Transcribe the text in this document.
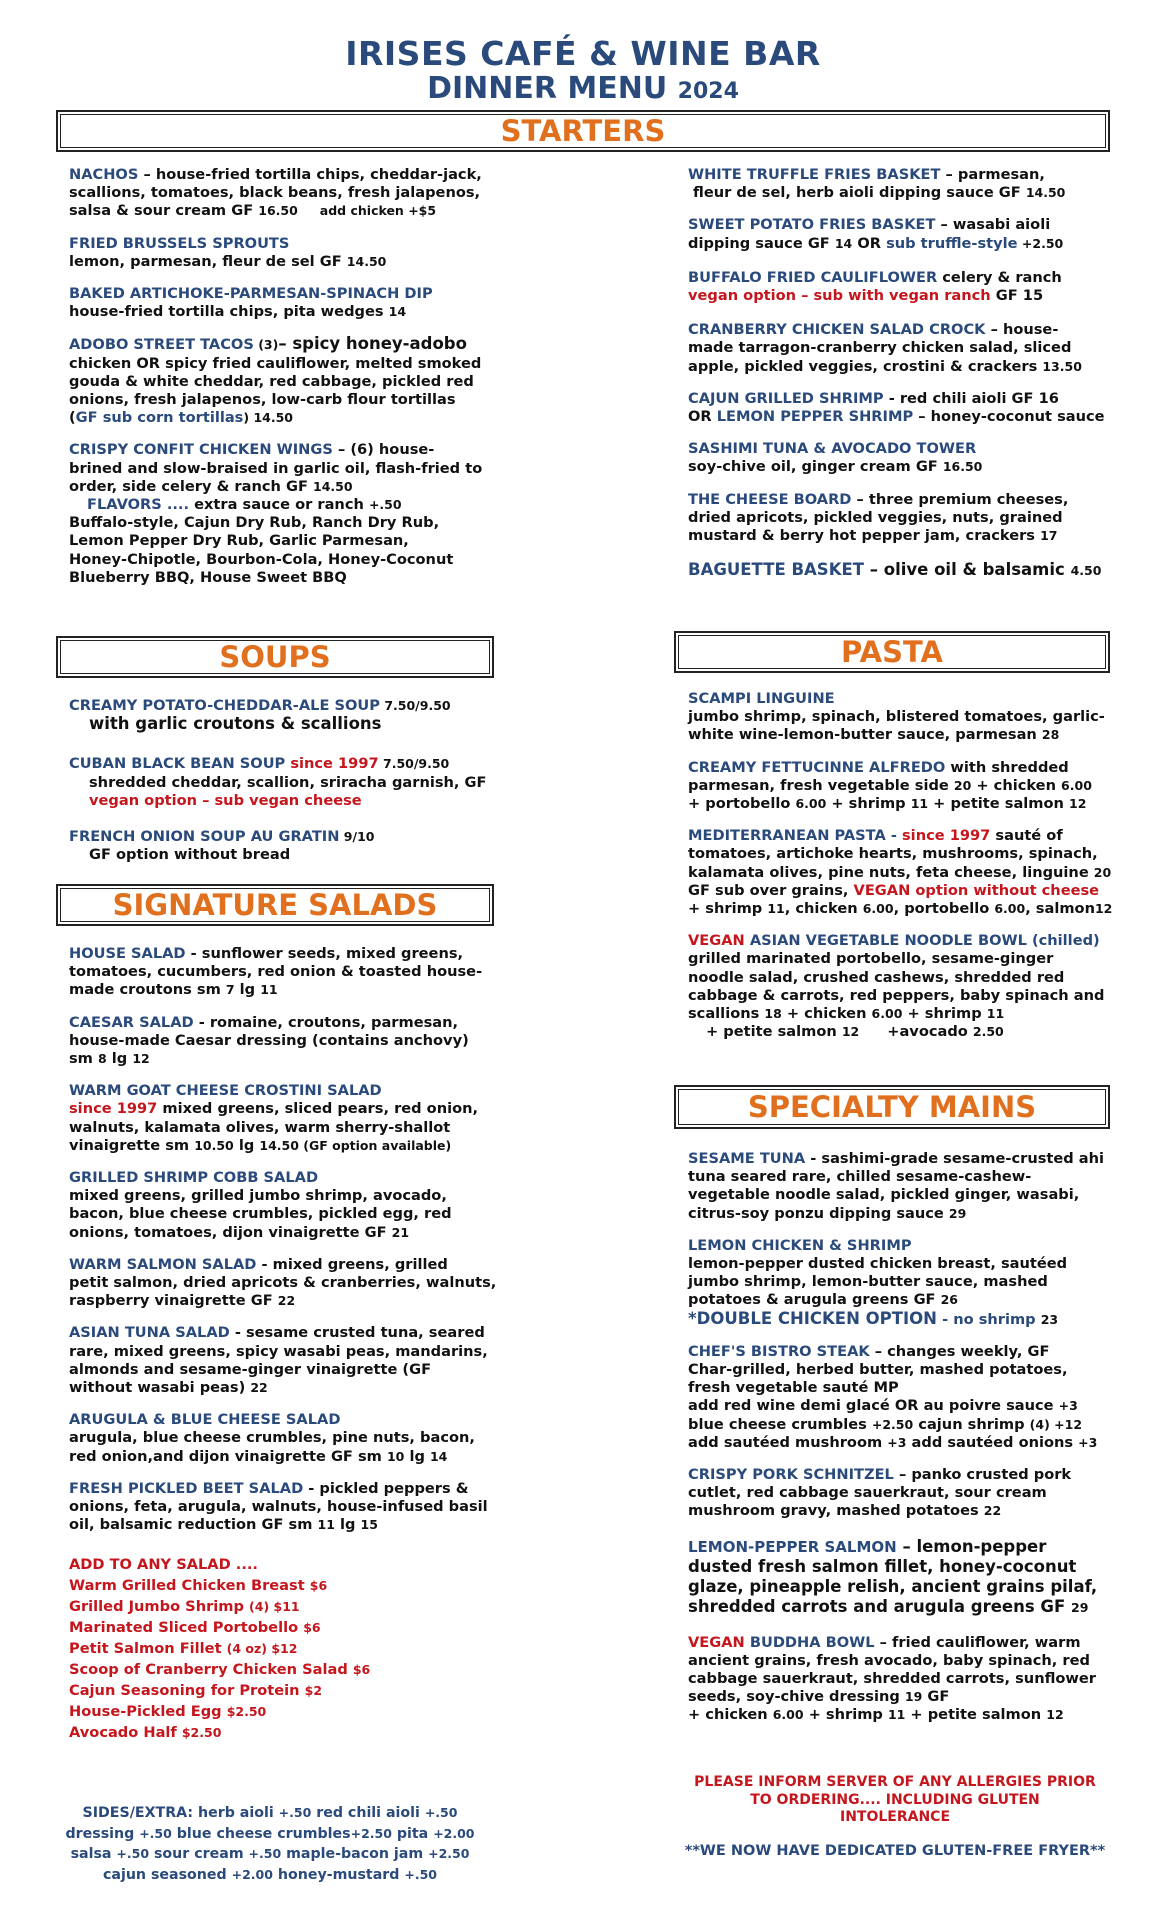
IRISES CAFÉ & WINE BAR
DINNER MENU 2024
STARTERS
SOUPS
SIGNATURE SALADS
PASTA
SPECIALTY MAINS

NACHOS – house-fried tortilla chips, cheddar-jack,
scallions, tomatoes, black beans, fresh jalapenos,
salsa & sour cream GF 16.50 add chicken +$5

FRIED BRUSSELS SPROUTS
lemon, parmesan, fleur de sel GF 14.50

BAKED ARTICHOKE-PARMESAN-SPINACH DIP
house-fried tortilla chips, pita wedges 14

ADOBO STREET TACOS (3)– spicy honey-adobo
chicken OR spicy fried cauliflower, melted smoked
gouda & white cheddar, red cabbage, pickled red
onions, fresh jalapenos, low-carb flour tortillas
(GF sub corn tortillas) 14.50

CRISPY CONFIT CHICKEN WINGS – (6) house-
brined and slow-braised in garlic oil, flash-fried to
order, side celery & ranch GF 14.50
FLAVORS .... extra sauce or ranch +.50
Buffalo-style, Cajun Dry Rub, Ranch Dry Rub,
Lemon Pepper Dry Rub, Garlic Parmesan,
Honey-Chipotle, Bourbon-Cola, Honey-Coconut
Blueberry BBQ, House Sweet BBQ

CREAMY POTATO-CHEDDAR-ALE SOUP 7.50/9.50
with garlic croutons & scallions

CUBAN BLACK BEAN SOUP since 1997 7.50/9.50
shredded cheddar, scallion, sriracha garnish, GF
vegan option – sub vegan cheese

FRENCH ONION SOUP AU GRATIN 9/10
GF option without bread

HOUSE SALAD - sunflower seeds, mixed greens,
tomatoes, cucumbers, red onion & toasted house-
made croutons sm 7 lg 11

CAESAR SALAD - romaine, croutons, parmesan,
house-made Caesar dressing (contains anchovy)
sm 8 lg 12

WARM GOAT CHEESE CROSTINI SALAD
since 1997 mixed greens, sliced pears, red onion,
walnuts, kalamata olives, warm sherry-shallot
vinaigrette sm 10.50 lg 14.50 (GF option available)

GRILLED SHRIMP COBB SALAD
mixed greens, grilled jumbo shrimp, avocado,
bacon, blue cheese crumbles, pickled egg, red
onions, tomatoes, dijon vinaigrette GF 21

WARM SALMON SALAD - mixed greens, grilled
petit salmon, dried apricots & cranberries, walnuts,
raspberry vinaigrette GF 22

ASIAN TUNA SALAD - sesame crusted tuna, seared
rare, mixed greens, spicy wasabi peas, mandarins,
almonds and sesame-ginger vinaigrette (GF
without wasabi peas) 22

ARUGULA & BLUE CHEESE SALAD
arugula, blue cheese crumbles, pine nuts, bacon,
red onion,and dijon vinaigrette GF sm 10 lg 14

FRESH PICKLED BEET SALAD - pickled peppers &
onions, feta, arugula, walnuts, house-infused basil
oil, balsamic reduction GF sm 11 lg 15

ADD TO ANY SALAD ....
Warm Grilled Chicken Breast $6
Grilled Jumbo Shrimp (4) $11
Marinated Sliced Portobello $6
Petit Salmon Fillet (4 oz) $12
Scoop of Cranberry Chicken Salad $6
Cajun Seasoning for Protein $2
House-Pickled Egg $2.50
Avocado Half $2.50
SIDES/EXTRA: herb aioli +.50 red chili aioli +.50
dressing +.50 blue cheese crumbles+2.50 pita +2.00
salsa +.50 sour cream +.50 maple-bacon jam +2.50
cajun seasoned +2.00 honey-mustard +.50

WHITE TRUFFLE FRIES BASKET – parmesan,
fleur de sel, herb aioli dipping sauce GF 14.50

SWEET POTATO FRIES BASKET – wasabi aioli
dipping sauce GF 14 OR sub truffle-style +2.50

BUFFALO FRIED CAULIFLOWER celery & ranch
vegan option – sub with vegan ranch GF 15

CRANBERRY CHICKEN SALAD CROCK – house-
made tarragon-cranberry chicken salad, sliced
apple, pickled veggies, crostini & crackers 13.50

CAJUN GRILLED SHRIMP - red chili aioli GF 16
OR LEMON PEPPER SHRIMP – honey-coconut sauce

SASHIMI TUNA & AVOCADO TOWER
soy-chive oil, ginger cream GF 16.50

THE CHEESE BOARD – three premium cheeses,
dried apricots, pickled veggies, nuts, grained
mustard & berry hot pepper jam, crackers 17

BAGUETTE BASKET – olive oil & balsamic 4.50

SCAMPI LINGUINE
jumbo shrimp, spinach, blistered tomatoes, garlic-
white wine-lemon-butter sauce, parmesan 28

CREAMY FETTUCINNE ALFREDO with shredded
parmesan, fresh vegetable side 20 + chicken 6.00
+ portobello 6.00 + shrimp 11 + petite salmon 12

MEDITERRANEAN PASTA - since 1997 sauté of
tomatoes, artichoke hearts, mushrooms, spinach,
kalamata olives, pine nuts, feta cheese, linguine 20
GF sub over grains, VEGAN option without cheese
+ shrimp 11, chicken 6.00, portobello 6.00, salmon12

VEGAN ASIAN VEGETABLE NOODLE BOWL (chilled)
grilled marinated portobello, sesame-ginger
noodle salad, crushed cashews, shredded red
cabbage & carrots, red peppers, baby spinach and
scallions 18 + chicken 6.00 + shrimp 11
+ petite salmon 12 +avocado 2.50

SESAME TUNA - sashimi-grade sesame-crusted ahi
tuna seared rare, chilled sesame-cashew-
vegetable noodle salad, pickled ginger, wasabi,
citrus-soy ponzu dipping sauce 29

LEMON CHICKEN & SHRIMP
lemon-pepper dusted chicken breast, sautéed
jumbo shrimp, lemon-butter sauce, mashed
potatoes & arugula greens GF 26
*DOUBLE CHICKEN OPTION - no shrimp 23

CHEF'S BISTRO STEAK – changes weekly, GF
Char-grilled, herbed butter, mashed potatoes,
fresh vegetable sauté MP
add red wine demi glacé OR au poivre sauce +3
blue cheese crumbles +2.50 cajun shrimp (4) +12
add sautéed mushroom +3 add sautéed onions +3

CRISPY PORK SCHNITZEL – panko crusted pork
cutlet, red cabbage sauerkraut, sour cream
mushroom gravy, mashed potatoes 22

LEMON-PEPPER SALMON – lemon-pepper
dusted fresh salmon fillet, honey-coconut
glaze, pineapple relish, ancient grains pilaf,
shredded carrots and arugula greens GF 29

VEGAN BUDDHA BOWL – fried cauliflower, warm
ancient grains, fresh avocado, baby spinach, red
cabbage sauerkraut, shredded carrots, sunflower
seeds, soy-chive dressing 19 GF
+ chicken 6.00 + shrimp 11 + petite salmon 12

PLEASE INFORM SERVER OF ANY ALLERGIES PRIOR
TO ORDERING.... INCLUDING GLUTEN
INTOLERANCE
**WE NOW HAVE DEDICATED GLUTEN-FREE FRYER**
